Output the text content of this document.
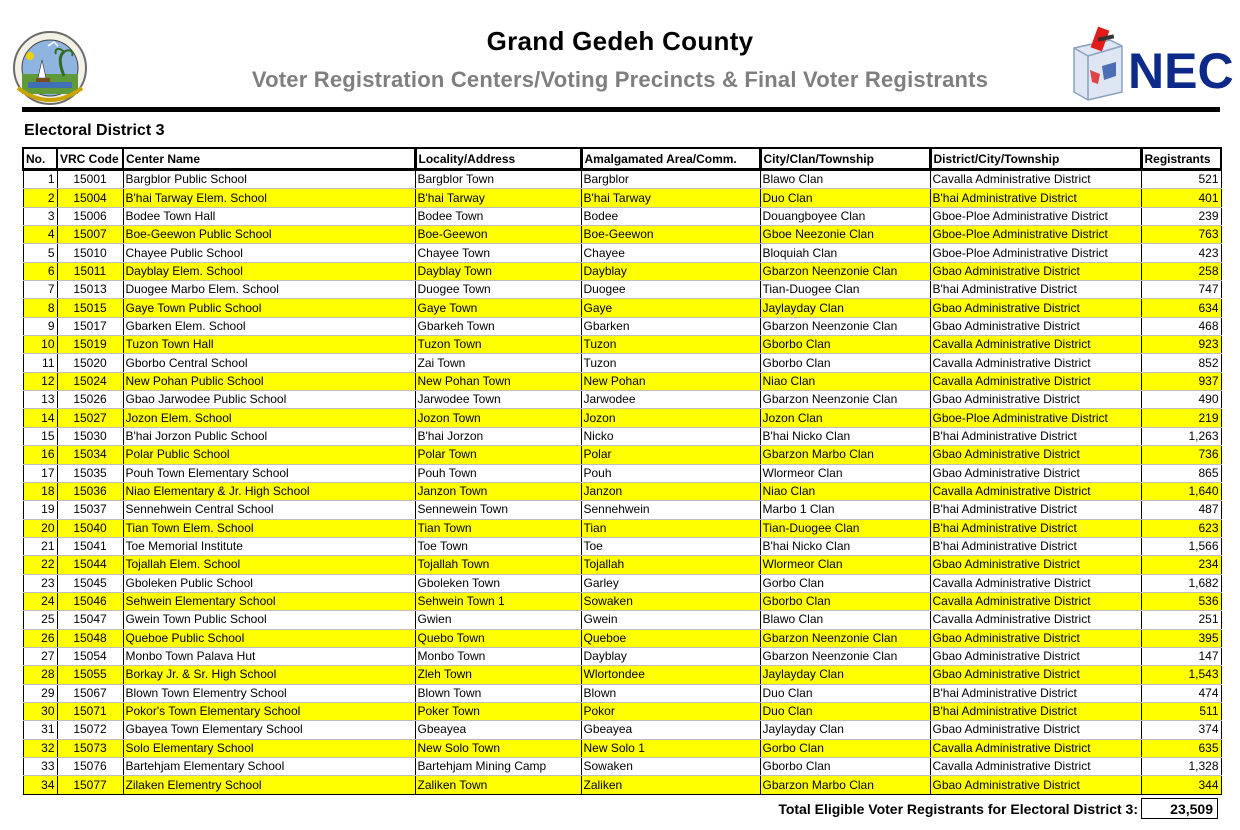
Grand Gedeh County
Voter Registration Centers/Voting Precincts & Final Voter Registrants	NEC
Electoral District 3
No.	VRC Code	Center Name	Locality/Address	Amalgamated Area/Comm.	City/Clan/Township	District/City/Township	Registrants
1	15001	Bargblor Public School	Bargblor Town	Bargblor	Blawo Clan	Cavalla Administrative District	521
2	15004	B'hai Tarway Elem. School	B'hai Tarway	B'hai Tarway	Duo Clan	B'hai Administrative District	401
3	15006	Bodee Town Hall	Bodee Town	Bodee	Douangboyee Clan	Gboe-Ploe Administrative District	239
4	15007	Boe-Geewon Public School	Boe-Geewon	Boe-Geewon	Gboe Neezonie Clan	Gboe-Ploe Administrative District	763
5	15010	Chayee Public School	Chayee Town	Chayee	Bloquiah Clan	Gboe-Ploe Administrative District	423
6	15011	Dayblay Elem. School	Dayblay Town	Dayblay	Gbarzon Neenzonie Clan	Gbao Administrative District	258
7	15013	Duogee Marbo Elem. School	Duogee Town	Duogee	Tian-Duogee Clan	B'hai Administrative District	747
8	15015	Gaye Town Public School	Gaye Town	Gaye	Jaylayday Clan	Gbao Administrative District	634
9	15017	Gbarken Elem. School	Gbarkeh Town	Gbarken	Gbarzon Neenzonie Clan	Gbao Administrative District	468
10	15019	Tuzon Town Hall	Tuzon Town	Tuzon	Gborbo Clan	Cavalla Administrative District	923
11	15020	Gborbo Central School	Zai Town	Tuzon	Gborbo Clan	Cavalla Administrative District	852
12	15024	New Pohan Public School	New Pohan Town	New Pohan	Niao Clan	Cavalla Administrative District	937
13	15026	Gbao Jarwodee Public School	Jarwodee Town	Jarwodee	Gbarzon Neenzonie Clan	Gbao Administrative District	490
14	15027	Jozon Elem. School	Jozon Town	Jozon	Jozon Clan	Gboe-Ploe Administrative District	219
15	15030	B'hai Jorzon Public School	B'hai Jorzon	Nicko	B'hai Nicko Clan	B'hai Administrative District	1,263
16	15034	Polar Public School	Polar Town	Polar	Gbarzon Marbo Clan	Gbao Administrative District	736
17	15035	Pouh Town Elementary School	Pouh Town	Pouh	Wlormeor Clan	Gbao Administrative District	865
18	15036	Niao Elementary & Jr. High School	Janzon Town	Janzon	Niao Clan	Cavalla Administrative District	1,640
19	15037	Sennehwein Central School	Sennewein Town	Sennehwein	Marbo 1 Clan	B'hai Administrative District	487
20	15040	Tian Town Elem. School	Tian Town	Tian	Tian-Duogee Clan	B'hai Administrative District	623
21	15041	Toe Memorial Institute	Toe Town	Toe	B'hai Nicko Clan	B'hai Administrative District	1,566
22	15044	Tojallah Elem. School	Tojallah Town	Tojallah	Wlormeor Clan	Gbao Administrative District	234
23	15045	Gboleken Public School	Gboleken Town	Garley	Gorbo Clan	Cavalla Administrative District	1,682
24	15046	Sehwein Elementary School	Sehwein Town 1	Sowaken	Gborbo Clan	Cavalla Administrative District	536
25	15047	Gwein Town Public School	Gwien	Gwein	Blawo Clan	Cavalla Administrative District	251
26	15048	Queboe Public School	Quebo Town	Queboe	Gbarzon Neenzonie Clan	Gbao Administrative District	395
27	15054	Monbo Town Palava Hut	Monbo Town	Dayblay	Gbarzon Neenzonie Clan	Gbao Administrative District	147
28	15055	Borkay Jr. & Sr. High School	Zleh Town	Wlortondee	Jaylayday Clan	Gbao Administrative District	1,543
29	15067	Blown Town Elementry School	Blown Town	Blown	Duo Clan	B'hai Administrative District	474
30	15071	Pokor's Town Elementary School	Poker Town	Pokor	Duo Clan	B'hai Administrative District	511
31	15072	Gbayea Town Elementary School	Gbeayea	Gbeayea	Jaylayday Clan	Gbao Administrative District	374
32	15073	Solo Elementary School	New Solo Town	New Solo 1	Gorbo Clan	Cavalla Administrative District	635
33	15076	Bartehjam Elementary School	Bartehjam Mining Camp	Sowaken	Gborbo Clan	Cavalla Administrative District	1,328
34	15077	Zilaken Elementry School	Zaliken Town	Zaliken	Gbarzon Marbo Clan	Gbao Administrative District	344
Total Eligible Voter Registrants for Electoral District 3:	23,509
